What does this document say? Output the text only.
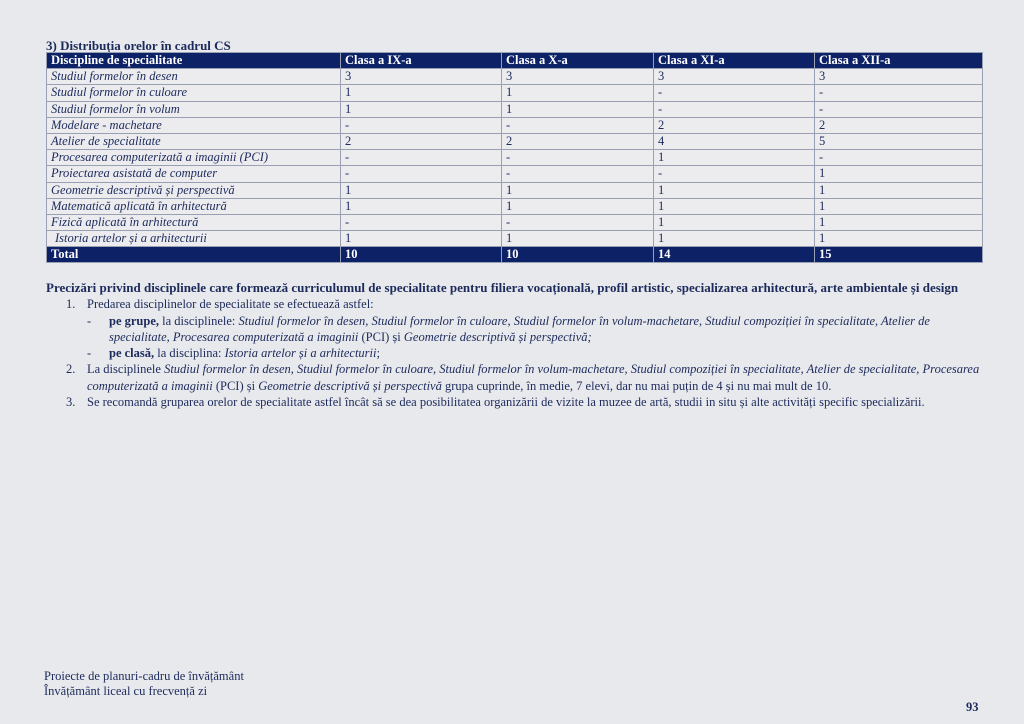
3) Distribuția orelor în cadrul CS
Discipline de specialitate	Clasa a IX-a	Clasa a X-a	Clasa a XI-a	Clasa a XII-a
Studiul formelor în desen	3	3	3	3
Studiul formelor în culoare	1	1	-	-
Studiul formelor în volum	1	1	-	-
Modelare - machetare	-	-	2	2
Atelier de specialitate	2	2	4	5
Procesarea computerizată a imaginii (PCI)	-	-	1	-
Proiectarea asistată de computer	-	-	-	1
Geometrie descriptivă și perspectivă	1	1	1	1
Matematică aplicată în arhitectură	1	1	1	1
Fizică aplicată în arhitectură	-	-	1	1
Istoria artelor și a arhitecturii	1	1	1	1
Total	10	10	14	15
Precizări privind disciplinele care formează curriculumul de specialitate pentru filiera vocațională, profil artistic, specializarea arhitectură, arte ambientale și design
1. Predarea disciplinelor de specialitate se efectuează astfel:
- pe grupe, la disciplinele: Studiul formelor în desen, Studiul formelor în culoare, Studiul formelor în volum-machetare, Studiul compoziției în specialitate, Atelier de specialitate, Procesarea computerizată a imaginii (PCI) și Geometrie descriptivă și perspectivă;
- pe clasă, la disciplina: Istoria artelor și a arhitecturii;
2. La disciplinele Studiul formelor în desen, Studiul formelor în culoare, Studiul formelor în volum-machetare, Studiul compoziției în specialitate, Atelier de specialitate, Procesarea computerizată a imaginii (PCI) și Geometrie descriptivă și perspectivă grupa cuprinde, în medie, 7 elevi, dar nu mai puțin de 4 și nu mai mult de 10.
3. Se recomandă gruparea orelor de specialitate astfel încât să se dea posibilitatea organizării de vizite la muzee de artă, studii in situ și alte activități specific specializării.
Proiecte de planuri-cadru de învățământ
Învățământ liceal cu frecvență zi
93
